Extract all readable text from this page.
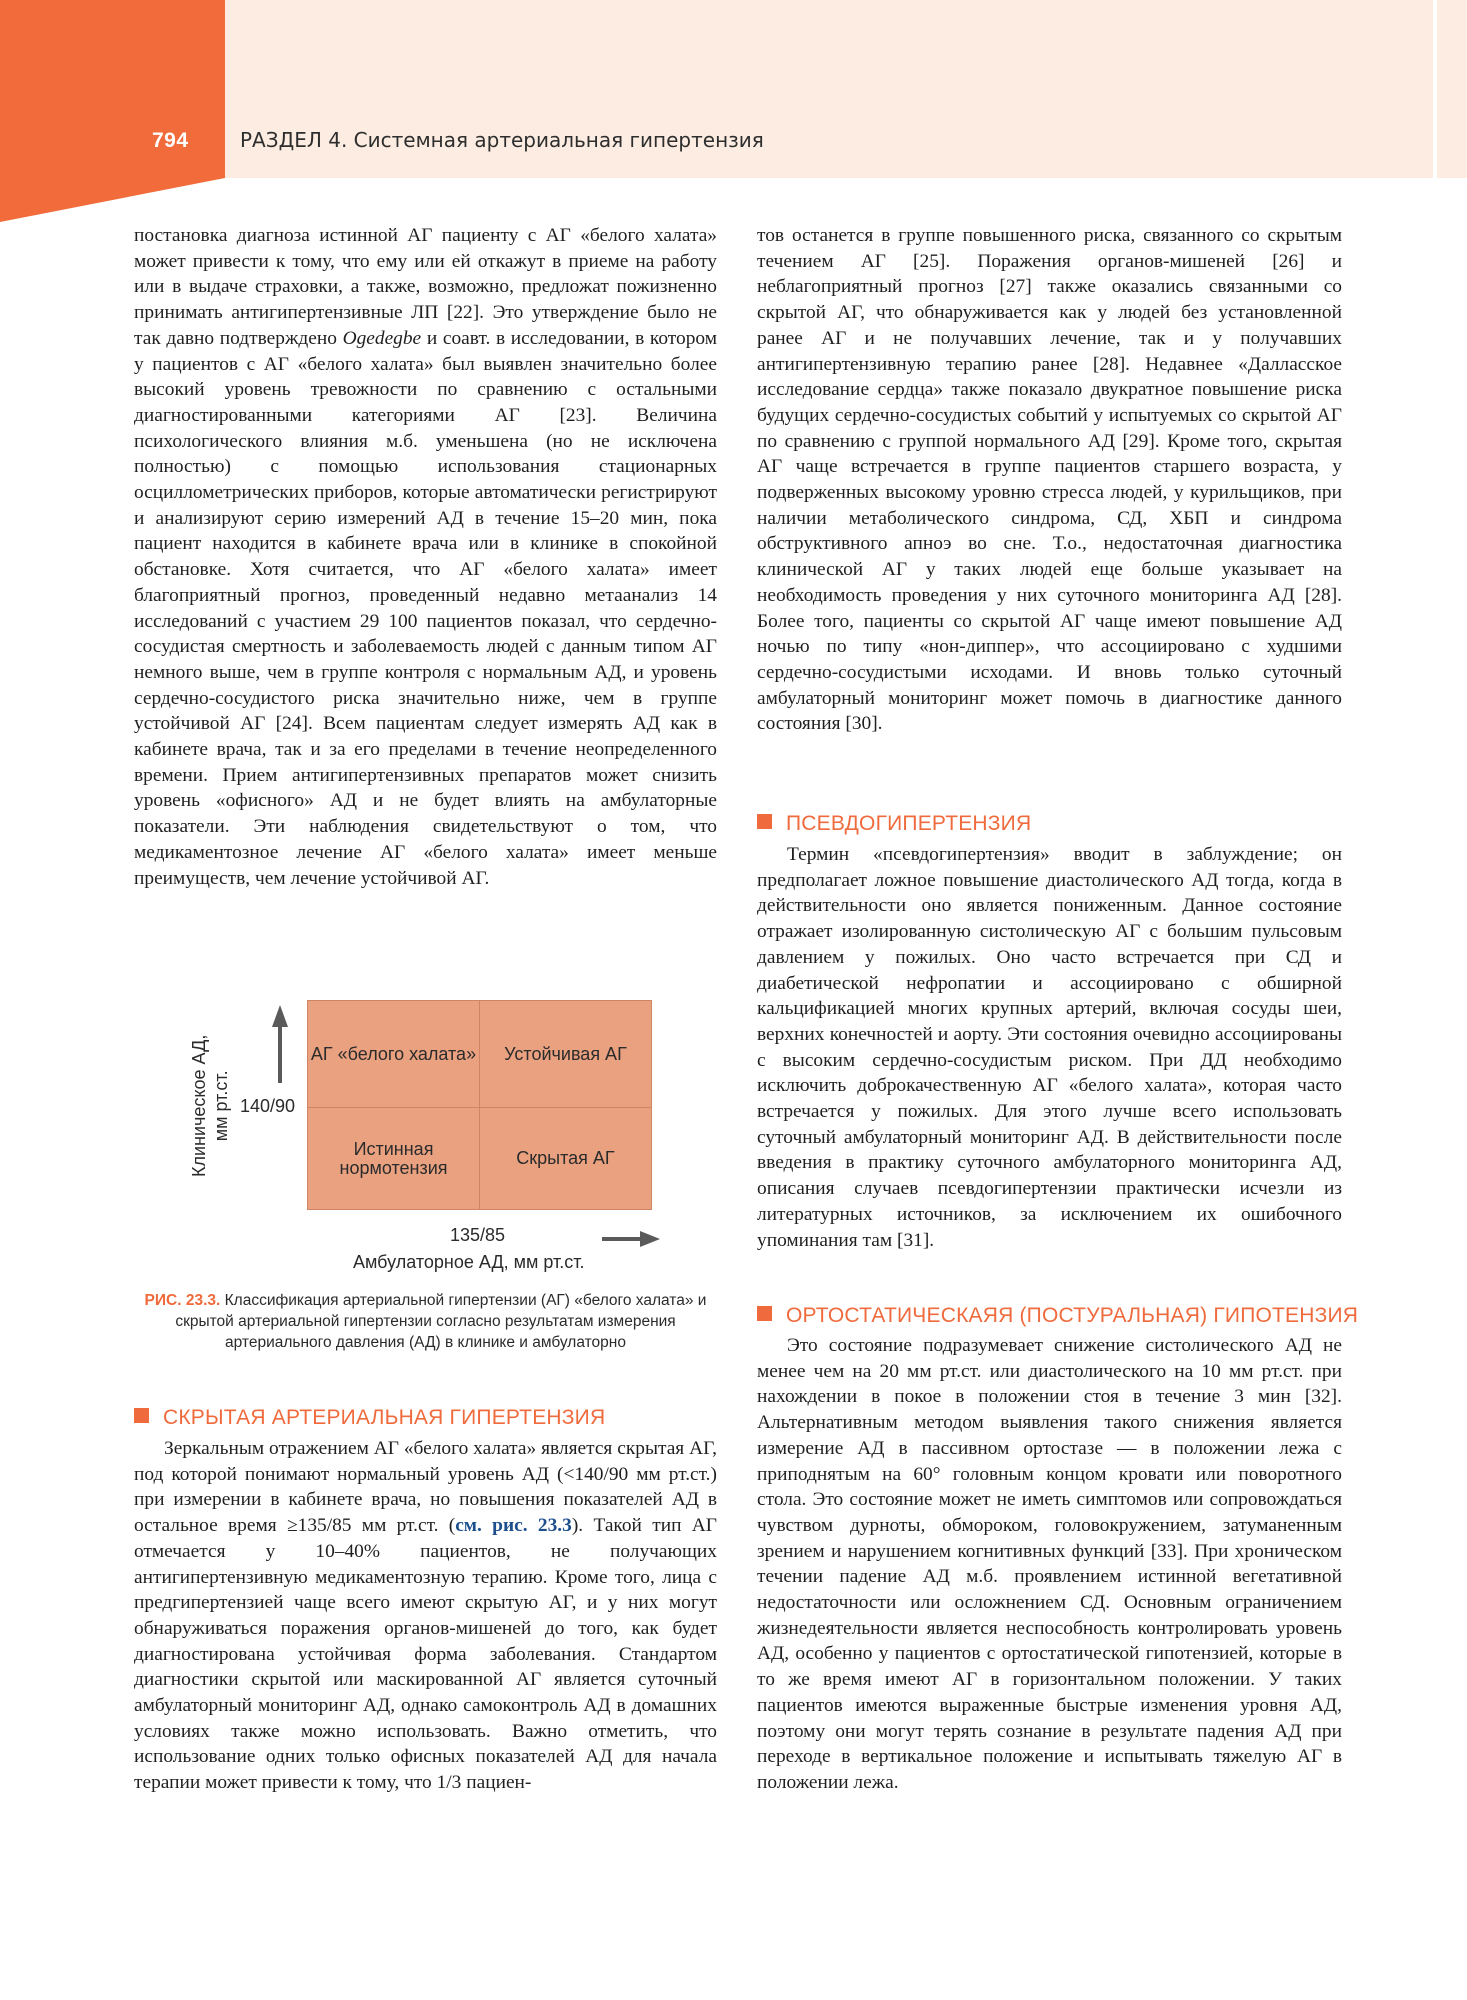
794	РАЗДЕЛ 4. Системная артериальная гипертензия

постановка диагноза истинной АГ пациенту с АГ «белого халата» может привести к тому, что ему или ей откажут в приеме на работу или в выдаче страховки, а также, возможно, предложат пожизненно принимать антигипертензивные ЛП [22]. Это утверждение было не так давно подтверждено Ogedegbe и соавт. в исследовании, в котором у пациентов с АГ «белого халата» был выявлен значительно более высокий уровень тревожности по сравнению с остальными диагностированными категориями АГ [23]. Величина психологического влияния м.б. уменьшена (но не исключена полностью) с помощью использования стационарных осциллометрических приборов, которые автоматически регистрируют и анализируют серию измерений АД в течение 15–20 мин, пока пациент находится в кабинете врача или в клинике в спокойной обстановке. Хотя считается, что АГ «белого халата» имеет благоприятный прогноз, проведенный недавно метаанализ 14 исследований с участием 29 100 пациентов показал, что сердечно-сосудистая смертность и заболеваемость людей с данным типом АГ немного выше, чем в группе контроля с нормальным АД, и уровень сердечно-сосудистого риска значительно ниже, чем в группе устойчивой АГ [24]. Всем пациентам следует измерять АД как в кабинете врача, так и за его пределами в течение неопределенного времени. Прием антигипертензивных препаратов может снизить уровень «офисного» АД и не будет влиять на амбулаторные показатели. Эти наблюдения свидетельствуют о том, что медикаментозное лечение АГ «белого халата» имеет меньше преимуществ, чем лечение устойчивой АГ.

АГ «белого халата»	Устойчивая АГ
Истинная нормотензия	Скрытая АГ
140/90
135/85
Амбулаторное АД, мм рт.ст.
Клиническое АД, мм рт.ст.
РИС. 23.3. Классификация артериальной гипертензии (АГ) «белого халата» и скрытой артериальной гипертензии согласно результатам измерения артериального давления (АД) в клинике и амбулаторно
СКРЫТАЯ АРТЕРИАЛЬНАЯ ГИПЕРТЕНЗИЯ

Зеркальным отражением АГ «белого халата» является скрытая АГ, под которой понимают нормальный уровень АД (<140/90 мм рт.ст.) при измерении в кабинете врача, но повышения показателей АД в остальное время ≥135/85 мм рт.ст. (см. рис. 23.3). Такой тип АГ отмечается у 10–40% пациентов, не получающих антигипертензивную медикаментозную терапию. Кроме того, лица с предгипертензией чаще всего имеют скрытую АГ, и у них могут обнаруживаться поражения органов-мишеней до того, как будет диагностирована устойчивая форма заболевания. Стандартом диагностики скрытой или маскированной АГ является суточный амбулаторный мониторинг АД, однако самоконтроль АД в домашних условиях также можно использовать. Важно отметить, что использование одних только офисных показателей АД для начала терапии может привести к тому, что 1/3 пациен-

тов останется в группе повышенного риска, связанного со скрытым течением АГ [25]. Поражения органов-мишеней [26] и неблагоприятный прогноз [27] также оказались связанными со скрытой АГ, что обнаруживается как у людей без установленной ранее АГ и не получавших лечение, так и у получавших антигипертензивную терапию ранее [28]. Недавнее «Далласское исследование сердца» также показало двукратное повышение риска будущих сердечно-сосудистых событий у испытуемых со скрытой АГ по сравнению с группой нормального АД [29]. Кроме того, скрытая АГ чаще встречается в группе пациентов старшего возраста, у подверженных высокому уровню стресса людей, у курильщиков, при наличии метаболического синдрома, СД, ХБП и синдрома обструктивного апноэ во сне. Т.о., недостаточная диагностика клинической АГ у таких людей еще больше указывает на необходимость проведения у них суточного мониторинга АД [28]. Более того, пациенты со скрытой АГ чаще имеют повышение АД ночью по типу «нон-диппер», что ассоциировано с худшими сердечно-сосудистыми исходами. И вновь только суточный амбулаторный мониторинг может помочь в диагностике данного состояния [30].

ПСЕВДОГИПЕРТЕНЗИЯ

Термин «псевдогипертензия» вводит в заблуждение; он предполагает ложное повышение диастолического АД тогда, когда в действительности оно является пониженным. Данное состояние отражает изолированную систолическую АГ с большим пульсовым давлением у пожилых. Оно часто встречается при СД и диабетической нефропатии и ассоциировано с обширной кальцификацией многих крупных артерий, включая сосуды шеи, верхних конечностей и аорту. Эти состояния очевидно ассоциированы с высоким сердечно-сосудистым риском. При ДД необходимо исключить доброкачественную АГ «белого халата», которая часто встречается у пожилых. Для этого лучше всего использовать суточный амбулаторный мониторинг АД. В действительности после введения в практику суточного амбулаторного мониторинга АД, описания случаев псевдогипертензии практически исчезли из литературных источников, за исключением их ошибочного упоминания там [31].

ОРТОСТАТИЧЕСКАЯЯ (ПОСТУРАЛЬНАЯ) ГИПОТЕНЗИЯ

Это состояние подразумевает снижение систолического АД не менее чем на 20 мм рт.ст. или диастолического на 10 мм рт.ст. при нахождении в покое в положении стоя в течение 3 мин [32]. Альтернативным методом выявления такого снижения является измерение АД в пассивном ортостазе — в положении лежа с приподнятым на 60° головным концом кровати или поворотного стола. Это состояние может не иметь симптомов или сопровождаться чувством дурноты, обмороком, головокружением, затуманенным зрением и нарушением когнитивных функций [33]. При хроническом течении падение АД м.б. проявлением истинной вегетативной недостаточности или осложнением СД. Основным ограничением жизнедеятельности является неспособность контролировать уровень АД, особенно у пациентов с ортостатической гипотензией, которые в то же время имеют АГ в горизонтальном положении. У таких пациентов имеются выраженные быстрые изменения уровня АД, поэтому они могут терять сознание в результате падения АД при переходе в вертикальное положение и испытывать тяжелую АГ в положении лежа.
